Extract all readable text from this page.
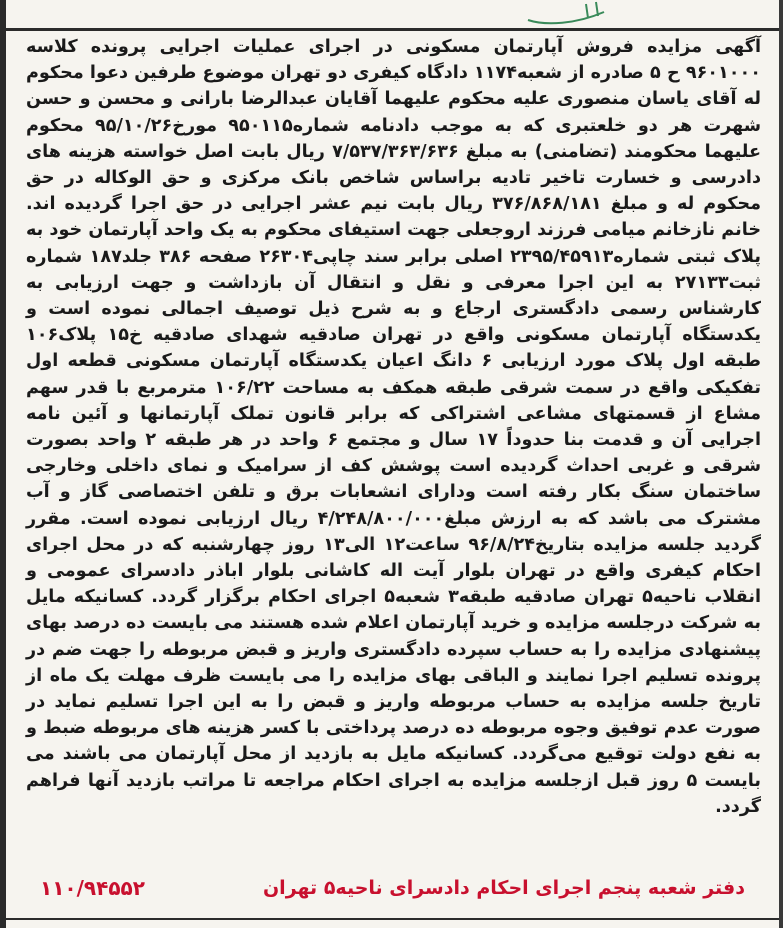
آگهی مزایده فروش آپارتمان مسکونی در اجرای عملیات اجرایی پرونده کلاسه ۹۶۰۱۰۰۰ ح ۵ صادره از شعبه۱۱۷۴ دادگاه کیفری دو تهران موضوع طرفین دعوا محکوم له آقای یاسان منصوری علیه محکوم علیهما آقایان عبدالرضا بارانی و محسن و حسن شهرت هر دو خلعتبری که به موجب دادنامه شماره۹۵۰۱۱۵ مورخ۹۵/۱۰/۲۶ محکوم علیهما محکومند (تضامنی) به مبلغ ۷/۵۳۷/۳۶۳/۶۳۶ ریال بابت اصل خواسته هزینه های دادرسی و خسارت تاخیر تادیه براساس شاخص بانک مرکزی و حق الوکاله در حق محکوم له و مبلغ ۳۷۶/۸۶۸/۱۸۱ ریال بابت نیم عشر اجرایی در حق اجرا گردیده اند. خانم نازخانم میامی فرزند اروجعلی جهت استیفای محکوم به یک واحد آپارتمان خود به پلاک ثبتی شماره۲۳۹۵/۴۵۹۱۳ اصلی برابر سند چاپی۲۶۳۰۴ صفحه ۳۸۶ جلد۱۸۷ شماره ثبت۲۷۱۳۳ به این اجرا معرفی و نقل و انتقال آن بازداشت و جهت ارزیابی به کارشناس رسمی دادگستری ارجاع و به شرح ذیل توصیف اجمالی نموده است و یکدستگاه آپارتمان مسکونی واقع در تهران صادقیه شهدای صادقیه خ۱۵ پلاک۱۰۶ طبقه اول پلاک مورد ارزیابی ۶ دانگ اعیان یکدستگاه آپارتمان مسکونی قطعه اول تفکیکی واقع در سمت شرقی طبقه همکف به مساحت ۱۰۶/۲۲ مترمربع با قدر سهم مشاع از قسمتهای مشاعی اشتراکی که برابر قانون تملک آپارتمانها و آئین نامه اجرایی آن و قدمت بنا حدوداً ۱۷ سال و مجتمع ۶ واحد در هر طبقه ۲ واحد بصورت شرقی و غربی احداث گردیده است پوشش کف از سرامیک و نمای داخلی وخارجی ساختمان سنگ بکار رفته است ودارای انشعابات برق و تلفن اختصاصی گاز و آب مشترک می باشد که به ارزش مبلغ۴/۲۴۸/۸۰۰/۰۰۰ ریال ارزیابی نموده است. مقرر گردید جلسه مزایده بتاریخ۹۶/۸/۲۴ ساعت۱۲ الی۱۳ روز چهارشنبه که در محل اجرای احکام کیفری واقع در تهران بلوار آیت اله کاشانی بلوار اباذر دادسرای عمومی و انقلاب ناحیه۵ تهران صادقیه طبقه۳ شعبه۵ اجرای احکام برگزار گردد. کسانیکه مایل به شرکت درجلسه مزایده و خرید آپارتمان اعلام شده هستند می بایست ده درصد بهای پیشنهادی مزایده را به حساب سپرده دادگستری واریز و قبض مربوطه را جهت ضم در پرونده تسلیم اجرا نمایند و الباقی بهای مزایده را می بایست ظرف مهلت یک ماه از تاریخ جلسه مزایده به حساب مربوطه واریز و قبض را به این اجرا تسلیم نماید در صورت عدم توفیق وجوه مربوطه ده درصد پرداختی با کسر هزینه های مربوطه ضبط و به نفع دولت توقیع می‌گردد. کسانیکه مایل به بازدید از محل آپارتمان می باشند می بایست ۵ روز قبل ازجلسه مزایده به اجرای احکام مراجعه تا مراتب بازدید آنها فراهم گردد.

۱۱۰/۹۴۵۵۲	دفتر شعبه پنجم اجرای احکام دادسرای ناحیه۵ تهران
